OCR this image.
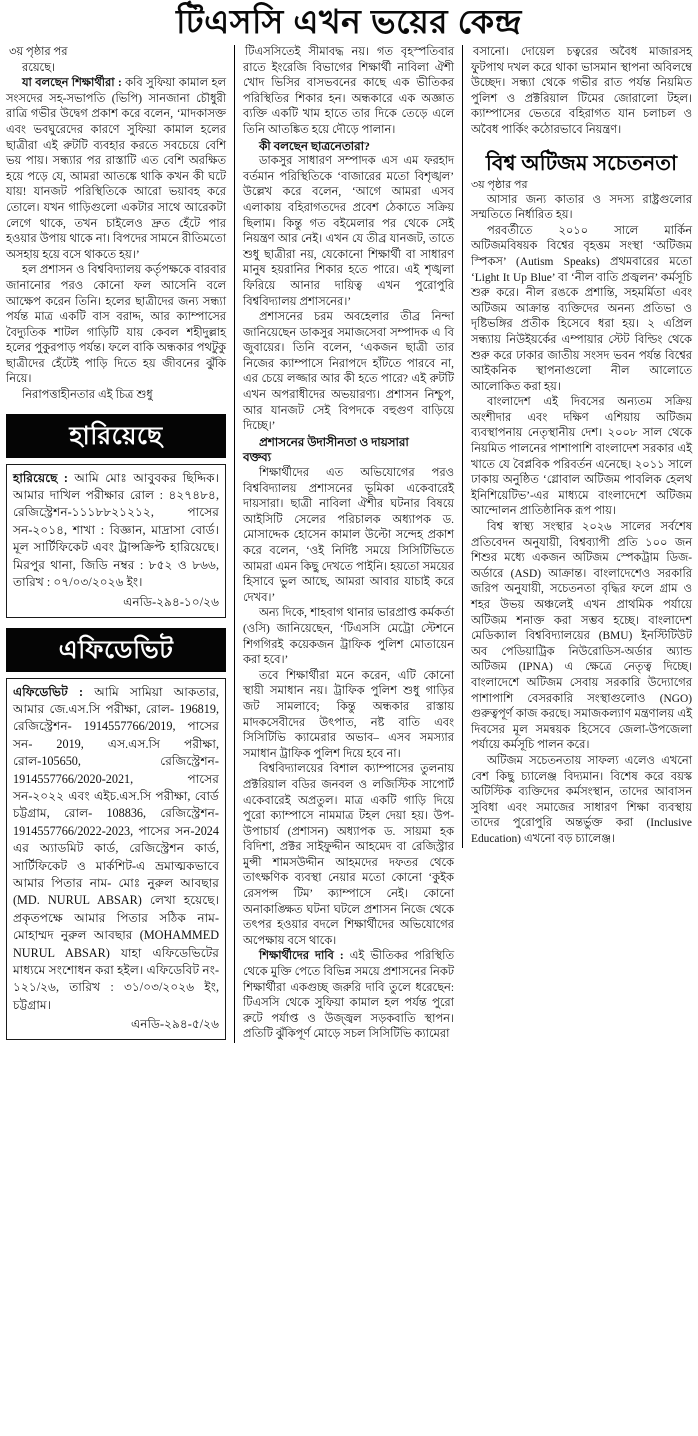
টিএসসি এখন ভয়ের কেন্দ্র

৩য় পৃষ্ঠার পর

রয়েছে।

যা বলছেন শিক্ষার্থীরা : কবি সুফিয়া কামাল হল সংসদের সহ-সভাপতি (ভিপি) সানজানা চৌধুরী রাত্রি গভীর উদ্বেগ প্রকাশ করে বলেন, ‘মাদকাসক্ত এবং ভবঘুরেদের কারণে সুফিয়া কামাল হলের ছাত্রীরা এই রুটটি ব্যবহার করতে সবচেয়ে বেশি ভয় পায়। সন্ধ্যার পর রাস্তাটি এত বেশি অরক্ষিত হয়ে পড়ে যে, আমরা আতঙ্কে থাকি কখন কী ঘটে যায়! যানজট পরিস্থিতিকে আরো ভয়াবহ করে তোলে। যখন গাড়িগুলো একটার সাথে আরেকটা লেগে থাকে, তখন চাইলেও দ্রুত হেঁটে পার হওয়ার উপায় থাকে না। বিপদের সামনে রীতিমতো অসহায় হয়ে বসে থাকতে হয়।’

হল প্রশাসন ও বিশ্ববিদ্যালয় কর্তৃপক্ষকে বারবার জানানোর পরও কোনো ফল আসেনি বলে আক্ষেপ করেন তিনি। হলের ছাত্রীদের জন্য সন্ধ্যা পর্যন্ত মাত্র একটি বাস বরাদ্দ, আর ক্যাম্পাসের বৈদ্যুতিক শাটল গাড়িটি যায় কেবল শহীদুল্লাহ হলের পুকুরপাড় পর্যন্ত। ফলে বাকি অন্ধকার পথটুকু ছাত্রীদের হেঁটেই পাড়ি দিতে হয় জীবনের ঝুঁকি নিয়ে।

নিরাপত্তাহীনতার এই চিত্র শুধু

হারিয়েছে

হারিয়েছে : আমি মোঃ আবুবকর ছিদ্দিক। আমার দাখিল পরীক্ষার রোল : ৪২৭৪৮৪, রেজিস্ট্রেশন-১১১৮৮২১২১২, পাসের সন-২০১৪, শাখা : বিজ্ঞান, মাদ্রাসা বোর্ড। মূল সার্টিফিকেট এবং ট্রান্সক্রিপ্ট হারিয়েছে। মিরপুর থানা, জিডি নম্বর : ৮৫২ ও ৮৬৬, তারিখ : ০৭/০৩/২০২৬ ইং।

এনডি-২৯৪-১০/২৬
এফিডেভিট

এফিডেভিট : আমি সামিয়া আকতার, আমার জে.এস.সি পরীক্ষা, রোল- 196819, রেজিস্ট্রেশন- 1914557766/2019, পাসের সন- 2019, এস.এস.সি পরীক্ষা, রোল-105650, রেজিস্ট্রেশন- 1914557766/2020-2021, পাসের সন-২০২২ এবং এইচ.এস.সি পরীক্ষা, বোর্ড চট্টগ্রাম, রোল- 108836, রেজিস্ট্রেশন- 1914557766/2022-2023, পাসের সন-2024 এর অ্যাডমিট কার্ড, রেজিস্ট্রেশন কার্ড, সার্টিফিকেট ও মার্কশিট-এ ভ্রমাত্মকভাবে আমার পিতার নাম- মোঃ নুরুল আবছার (MD. NURUL ABSAR) লেখা হয়েছে। প্রকৃতপক্ষে আমার পিতার সঠিক নাম- মোহাম্মদ নুরুল আবছার (MOHAMMED NURUL ABSAR) যাহা এফিডেভিটের মাধ্যমে সংশোধন করা হইল। এফিডেবিট নং- ১২১/২৬, তারিখ : ৩১/০৩/২০২৬ ইং, চট্টগ্রাম।

এনডি-২৯৪-৫/২৬

টিএসসিতেই সীমাবদ্ধ নয়। গত বৃহস্পতিবার রাতে ইংরেজি বিভাগের শিক্ষার্থী নাবিলা ঐশী খোদ ভিসির বাসভবনের কাছে এক ভীতিকর পরিস্থিতির শিকার হন। অন্ধকারে এক অজ্ঞাত ব্যক্তি একটি খাম হাতে তার দিকে তেড়ে এলে তিনি আতঙ্কিত হয়ে দৌড়ে পালান।

কী বলছেন ছাত্রনেতারা?

ডাকসুর সাধারণ সম্পাদক এস এম ফরহাদ বর্তমান পরিস্থিতিকে ‘বাজারের মতো বিশৃঙ্খল’ উল্লেখ করে বলেন, ‘আগে আমরা এসব এলাকায় বহিরাগতদের প্রবেশ ঠেকাতে সক্রিয় ছিলাম। কিন্তু গত বইমেলার পর থেকে সেই নিয়ন্ত্রণ আর নেই। এখন যে তীব্র যানজট, তাতে শুধু ছাত্রীরা নয়, যেকোনো শিক্ষার্থী বা সাধারণ মানুষ হয়রানির শিকার হতে পারে। এই শৃঙ্খলা ফিরিয়ে আনার দায়িত্ব এখন পুরোপুরি বিশ্ববিদ্যালয় প্রশাসনের।’

প্রশাসনের চরম অবহেলার তীব্র নিন্দা জানিয়েছেন ডাকসুর সমাজসেবা সম্পাদক এ বি জুবায়ের। তিনি বলেন, ‘একজন ছাত্রী তার নিজের ক্যাম্পাসে নিরাপদে হাঁটতে পারবে না, এর চেয়ে লজ্জার আর কী হতে পারে? এই রুটটি এখন অপরাধীদের অভয়ারণ্য। প্রশাসন নিশ্চুপ, আর যানজট সেই বিপদকে বহুগুণ বাড়িয়ে দিচ্ছে।’

প্রশাসনের উদাসীনতা ও দায়সারা

বক্তব্য

শিক্ষার্থীদের এত অভিযোগের পরও বিশ্ববিদ্যালয় প্রশাসনের ভূমিকা একেবারেই দায়সারা। ছাত্রী নাবিলা ঐশীর ঘটনার বিষয়ে আইসিটি সেলের পরিচালক অধ্যাপক ড. মোসাদ্দেক হোসেন কামাল উল্টো সন্দেহ প্রকাশ করে বলেন, ‘ওই নির্দিষ্ট সময়ে সিসিটিভিতে আমরা এমন কিছু দেখতে পাইনি। হয়তো সময়ের হিসাবে ভুল আছে, আমরা আবার যাচাই করে দেখব।’

অন্য দিকে, শাহবাগ থানার ভারপ্রাপ্ত কর্মকর্তা (ওসি) জানিয়েছেন, ‘টিএসসি মেট্রো স্টেশনে শিগগিরই কয়েকজন ট্রাফিক পুলিশ মোতায়েন করা হবে।’

তবে শিক্ষার্থীরা মনে করেন, এটি কোনো স্থায়ী সমাধান নয়। ট্রাফিক পুলিশ শুধু গাড়ির জট সামলাবে; কিন্তু অন্ধকার রাস্তায় মাদকসেবীদের উৎপাত, নষ্ট বাতি এবং সিসিটিভি ক্যামেরার অভাব– এসব সমস্যার সমাধান ট্রাফিক পুলিশ দিয়ে হবে না।

বিশ্ববিদ্যালয়ের বিশাল ক্যাম্পাসের তুলনায় প্রক্টরিয়াল বডির জনবল ও লজিস্টিক সাপোর্ট একেবারেই অপ্রতুল। মাত্র একটি গাড়ি দিয়ে পুরো ক্যাম্পাসে নামমাত্র টহল দেয়া হয়। উপ-উপাচার্য (প্রশাসন) অধ্যাপক ড. সায়মা হক বিদিশা, প্রক্টর সাইফুদ্দীন আহমেদ বা রেজিস্ট্রার মুন্সী শামসউদ্দীন আহমদের দফতর থেকে তাৎক্ষণিক ব্যবস্থা নেয়ার মতো কোনো ‘কুইক রেসপন্স টিম’ ক্যাম্পাসে নেই। কোনো অনাকাঙ্ক্ষিত ঘটনা ঘটলে প্রশাসন নিজে থেকে তৎপর হওয়ার বদলে শিক্ষার্থীদের অভিযোগের অপেক্ষায় বসে থাকে।

শিক্ষার্থীদের দাবি : এই ভীতিকর পরিস্থিতি থেকে মুক্তি পেতে বিভিন্ন সময়ে প্রশাসনের নিকট শিক্ষার্থীরা একগুচ্ছ জরুরি দাবি তুলে ধরেছেন: টিএসসি থেকে সুফিয়া কামাল হল পর্যন্ত পুরো রুটে পর্যাপ্ত ও উজ্জ্বল সড়কবাতি স্থাপন। প্রতিটি ঝুঁকিপূর্ণ মোড়ে সচল সিসিটিভি ক্যামেরা

বসানো। দোয়েল চত্বরের অবৈধ মাজারসহ ফুটপাথ দখল করে থাকা ভাসমান স্থাপনা অবিলম্বে উচ্ছেদ। সন্ধ্যা থেকে গভীর রাত পর্যন্ত নিয়মিত পুলিশ ও প্রক্টরিয়াল টিমের জোরালো টহল। ক্যাম্পাসের ভেতরে বহিরাগত যান চলাচল ও অবৈধ পার্কিং কঠোরভাবে নিয়ন্ত্রণ।

বিশ্ব অটিজম সচেতনতা

৩য় পৃষ্ঠার পর

আসার জন্য কাতার ও সদস্য রাষ্ট্রগুলোর সম্মতিতে নির্ধারিত হয়।

পরবর্তীতে ২০১০ সালে মার্কিন অটিজমবিষয়ক বিশ্বের বৃহত্তম সংস্থা ‘অটিজম স্পিকস’ (Autism Speaks) প্রথমবারের মতো ‘Light It Up Blue’ বা ‘নীল বাতি প্রজ্বলন’ কর্মসূচি শুরু করে। নীল রঙকে প্রশান্তি, সহমর্মিতা এবং অটিজম আক্রান্ত ব্যক্তিদের অনন্য প্রতিভা ও দৃষ্টিভঙ্গির প্রতীক হিসেবে ধরা হয়। ২ এপ্রিল সন্ধ্যায় নিউইয়র্কের এম্পায়ার স্টেট বিল্ডিং থেকে শুরু করে ঢাকার জাতীয় সংসদ ভবন পর্যন্ত বিশ্বের আইকনিক স্থাপনাগুলো নীল আলোতে আলোকিত করা হয়।

বাংলাদেশ এই দিবসের অন্যতম সক্রিয় অংশীদার এবং দক্ষিণ এশিয়ায় অটিজম ব্যবস্থাপনায় নেতৃস্থানীয় দেশ। ২০০৮ সাল থেকে নিয়মিত পালনের পাশাপাশি বাংলাদেশ সরকার এই খাতে যে বৈপ্লবিক পরিবর্তন এনেছে। ২০১১ সালে ঢাকায় অনুষ্ঠিত ‘গ্লোবাল অটিজম পাবলিক হেলথ ইনিশিয়েটিভ’-এর মাধ্যমে বাংলাদেশে অটিজম আন্দোলন প্রাতিষ্ঠানিক রূপ পায়।

বিশ্ব স্বাস্থ্য সংস্থার ২০২৬ সালের সর্বশেষ প্রতিবেদন অনুযায়ী, বিশ্বব্যাপী প্রতি ১০০ জন শিশুর মধ্যে একজন অটিজম স্পেকট্রাম ডিজ-অর্ডারে (ASD) আক্রান্ত। বাংলাদেশেও সরকারি জরিপ অনুযায়ী, সচেতনতা বৃদ্ধির ফলে গ্রাম ও শহর উভয় অঞ্চলেই এখন প্রাথমিক পর্যায়ে অটিজম শনাক্ত করা সম্ভব হচ্ছে। বাংলাদেশ মেডিক্যাল বিশ্ববিদ্যালয়ের (BMU) ইনস্টিটিউট অব পেডিয়াট্রিক নিউরোডিস-অর্ডার অ্যান্ড অটিজম (IPNA) এ ক্ষেত্রে নেতৃত্ব দিচ্ছে। বাংলাদেশে অটিজম সেবায় সরকারি উদ্যোগের পাশাপাশি বেসরকারি সংস্থাগুলোও (NGO) গুরুত্বপূর্ণ কাজ করছে। সমাজকল্যাণ মন্ত্রণালয় এই দিবসের মূল সমন্বয়ক হিসেবে জেলা-উপজেলা পর্যায়ে কর্মসূচি পালন করে।

অটিজম সচেতনতায় সাফল্য এলেও এখনো বেশ কিছু চ্যালেঞ্জ বিদ্যমান। বিশেষ করে বয়স্ক অটিস্টিক ব্যক্তিদের কর্মসংস্থান, তাদের আবাসন সুবিধা এবং সমাজের সাধারণ শিক্ষা ব্যবস্থায় তাদের পুরোপুরি অন্তর্ভুক্ত করা (Inclusive Education) এখনো বড় চ্যালেঞ্জ।
